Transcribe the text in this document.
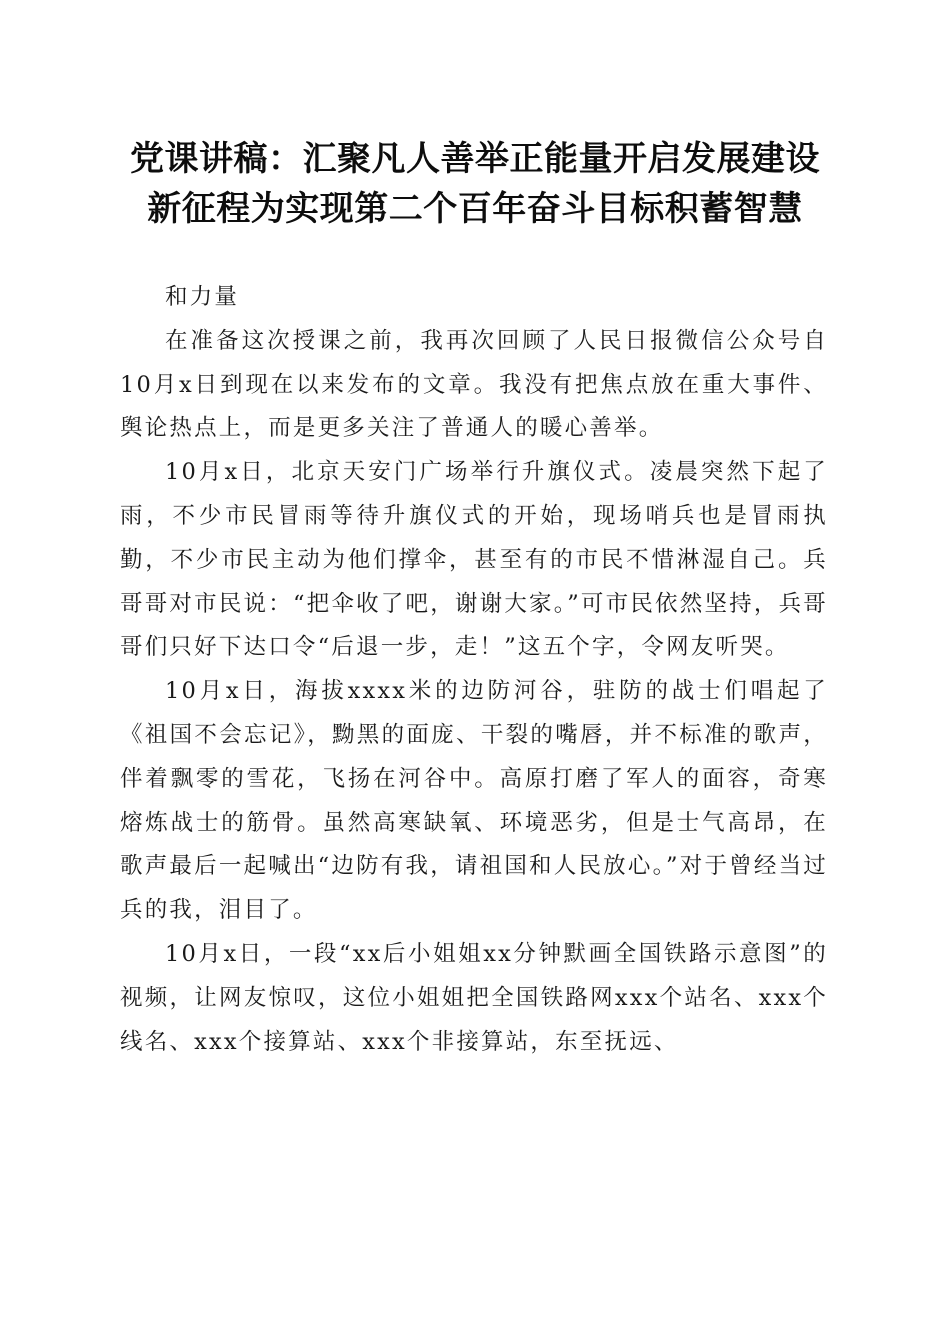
党课讲稿：汇聚凡人善举正能量开启发展建设
新征程为实现第二个百年奋斗目标积蓄智慧

和力量

在准备这次授课之前，我再次回顾了人民日报微信公众号自10月x日到现在以来发布的文章。我没有把焦点放在重大事件、舆论热点上，而是更多关注了普通人的暖心善举。

10月x日，北京天安门广场举行升旗仪式。凌晨突然下起了雨，不少市民冒雨等待升旗仪式的开始，现场哨兵也是冒雨执勤，不少市民主动为他们撑伞，甚至有的市民不惜淋湿自己。兵哥哥对市民说：“把伞收了吧，谢谢大家。”可市民依然坚持，兵哥哥们只好下达口令“后退一步，走！”这五个字，令网友听哭。

10月x日，海拔xxxx米的边防河谷，驻防的战士们唱起了《祖国不会忘记》，黝黑的面庞、干裂的嘴唇，并不标准的歌声，伴着飘零的雪花，飞扬在河谷中。高原打磨了军人的面容，奇寒熔炼战士的筋骨。虽然高寒缺氧、环境恶劣，但是士气高昂，在歌声最后一起喊出“边防有我，请祖国和人民放心。”对于曾经当过兵的我，泪目了。

10月x日，一段“xx后小姐姐xx分钟默画全国铁路示意图”的视频，让网友惊叹，这位小姐姐把全国铁路网xxx个站名、xxx个线名、xxx个接算站、xxx个非接算站，东至抚远、
